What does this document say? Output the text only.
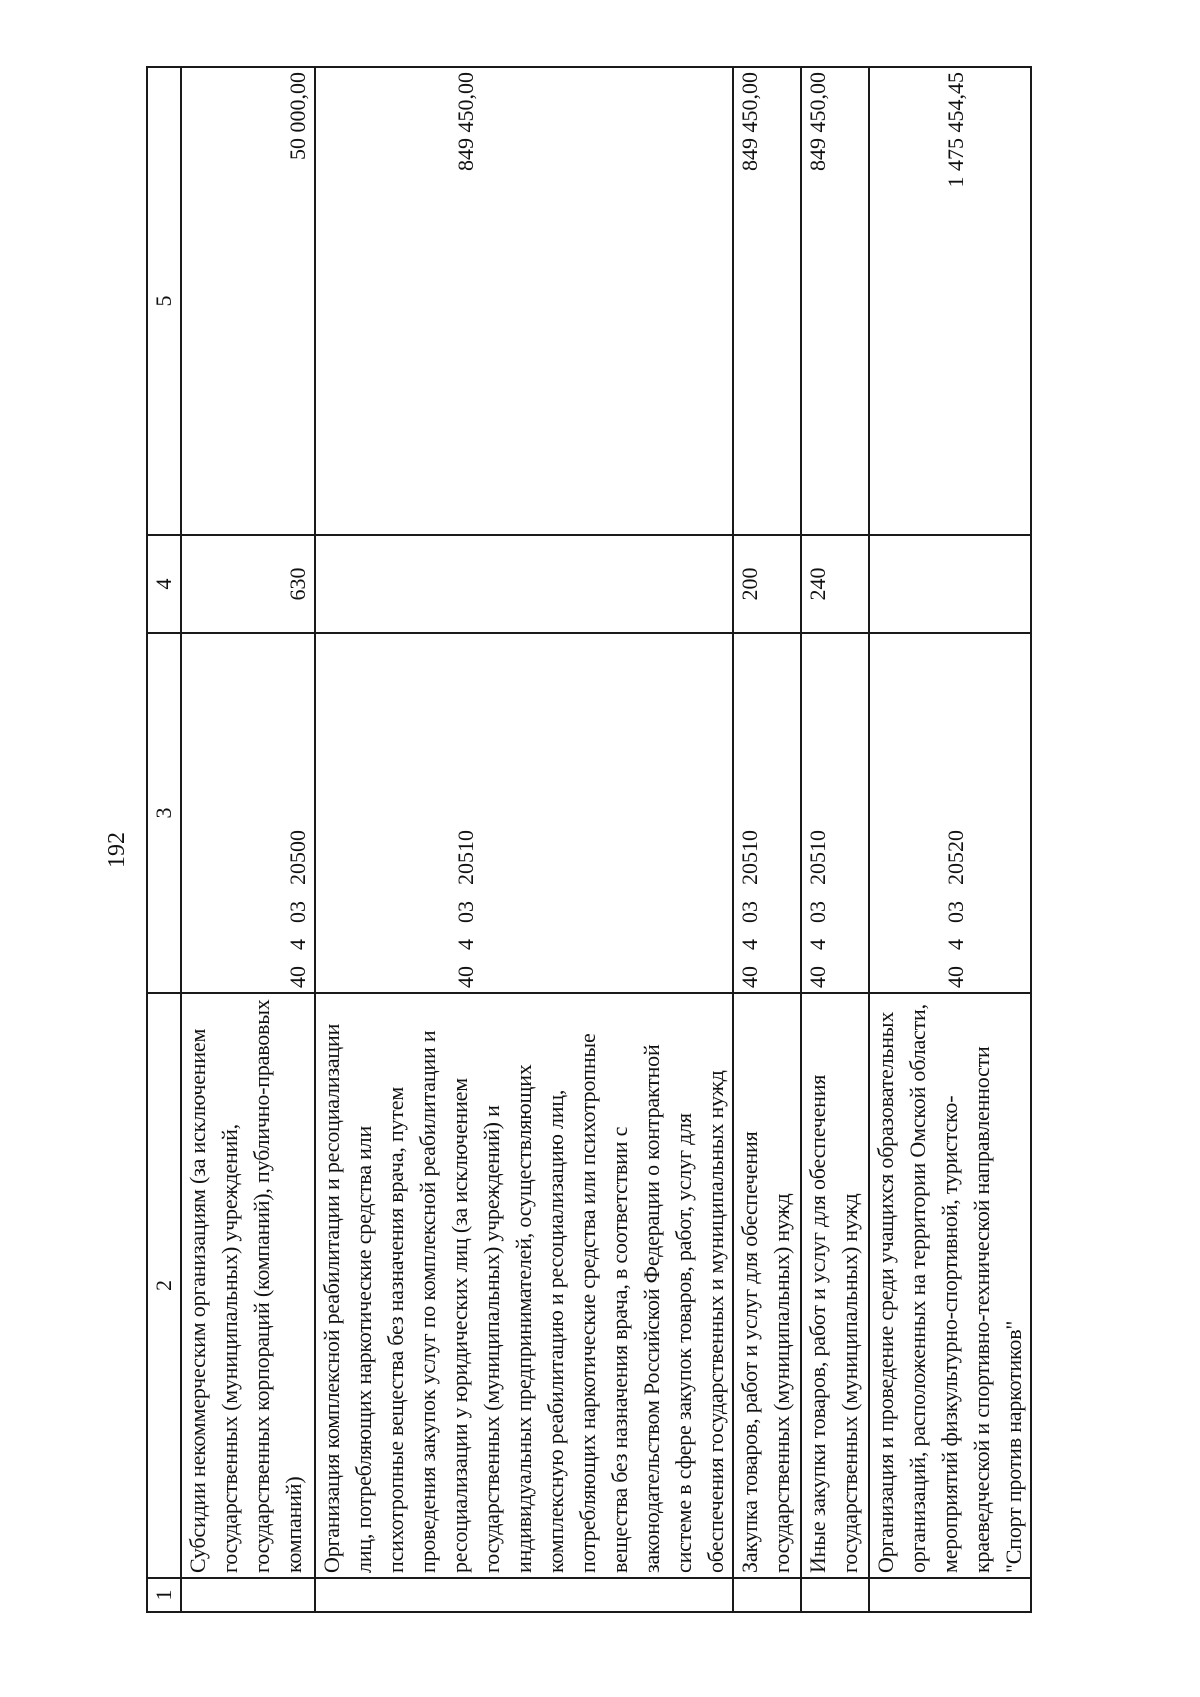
192
1	2	3	4	5
	Субсидии некоммерческим организациям (за исключением государственных (муниципальных) учреждений, государственных корпораций (компаний), публично-правовых компаний)	4040320500	630	50 000,00
	Организация комплексной реабилитации и ресоциализации лиц, потребляющих наркотические средства или психотропные вещества без назначения врача, путем проведения закупок услуг по комплексной реабилитации и ресоциализации у юридических лиц (за исключением государственных (муниципальных) учреждений) и индивидуальных предпринимателей, осуществляющих комплексную реабилитацию и ресоциализацию лиц, потребляющих наркотические средства или психотропные вещества без назначения врача, в соответствии с законодательством Российской Федерации о контрактной системе в сфере закупок товаров, работ, услуг для обеспечения государственных и муниципальных нужд	4040320510		849 450,00
	Закупка товаров, работ и услуг для обеспечения государственных (муниципальных) нужд	4040320510	200	849 450,00
	Иные закупки товаров, работ и услуг для обеспечения государственных (муниципальных) нужд	4040320510	240	849 450,00
	Организация и проведение среди учащихся образовательных организаций, расположенных на территории Омской области, мероприятий физкультурно-спортивной, туристско-краеведческой и спортивно-технической направленности "Спорт против наркотиков"	4040320520		1 475 454,45
